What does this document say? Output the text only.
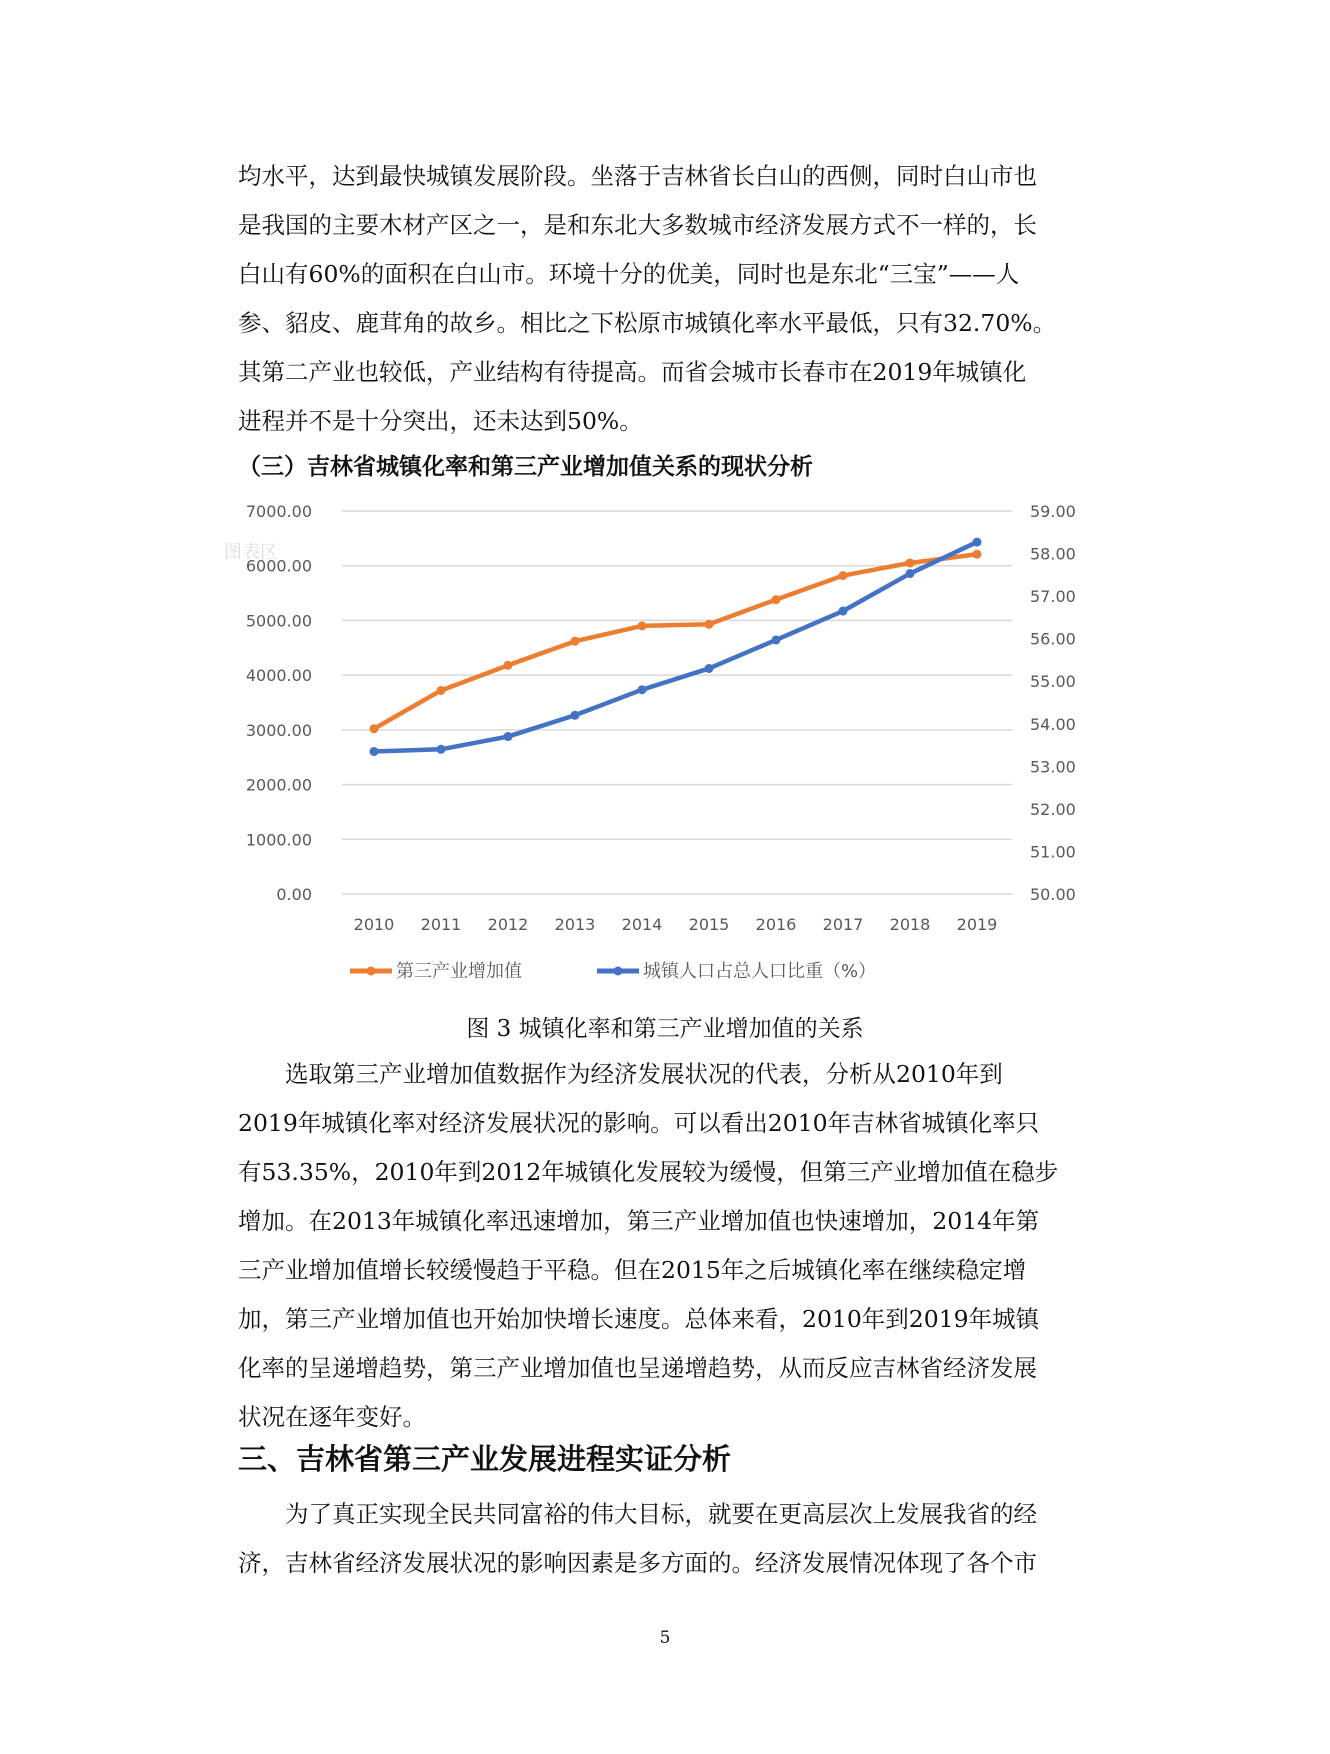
均水平，达到最快城镇发展阶段。坐落于吉林省长白山的西侧，同时白山市也
是我国的主要木材产区之一，是和东北大多数城市经济发展方式不一样的，长
白山有60%的面积在白山市。环境十分的优美，同时也是东北“三宝”——人
参、貂皮、鹿茸角的故乡。相比之下松原市城镇化率水平最低，只有32.70%。
其第二产业也较低，产业结构有待提高。而省会城市长春市在2019年城镇化
进程并不是十分突出，还未达到50%。
（三）吉林省城镇化率和第三产业增加值关系的现状分析
0.00
1000.00
2000.00
3000.00
4000.00
5000.00
6000.00
7000.00
50.00
51.00
52.00
53.00
54.00
55.00
56.00
57.00
58.00
59.00
2010 2011 2012 2013 2014 2015 2016 2017 2018 2019
图表区
第三产业增加值	城镇人口占总人口比重（%）
图 3 城镇化率和第三产业增加值的关系
　　选取第三产业增加值数据作为经济发展状况的代表，分析从2010年到
2019年城镇化率对经济发展状况的影响。可以看出2010年吉林省城镇化率只
有53.35%，2010年到2012年城镇化发展较为缓慢，但第三产业增加值在稳步
增加。在2013年城镇化率迅速增加，第三产业增加值也快速增加，2014年第
三产业增加值增长较缓慢趋于平稳。但在2015年之后城镇化率在继续稳定增
加，第三产业增加值也开始加快增长速度。总体来看，2010年到2019年城镇
化率的呈递增趋势，第三产业增加值也呈递增趋势，从而反应吉林省经济发展
状况在逐年变好。
三、吉林省第三产业发展进程实证分析
　　为了真正实现全民共同富裕的伟大目标，就要在更高层次上发展我省的经
济，吉林省经济发展状况的影响因素是多方面的。经济发展情况体现了各个市
5
